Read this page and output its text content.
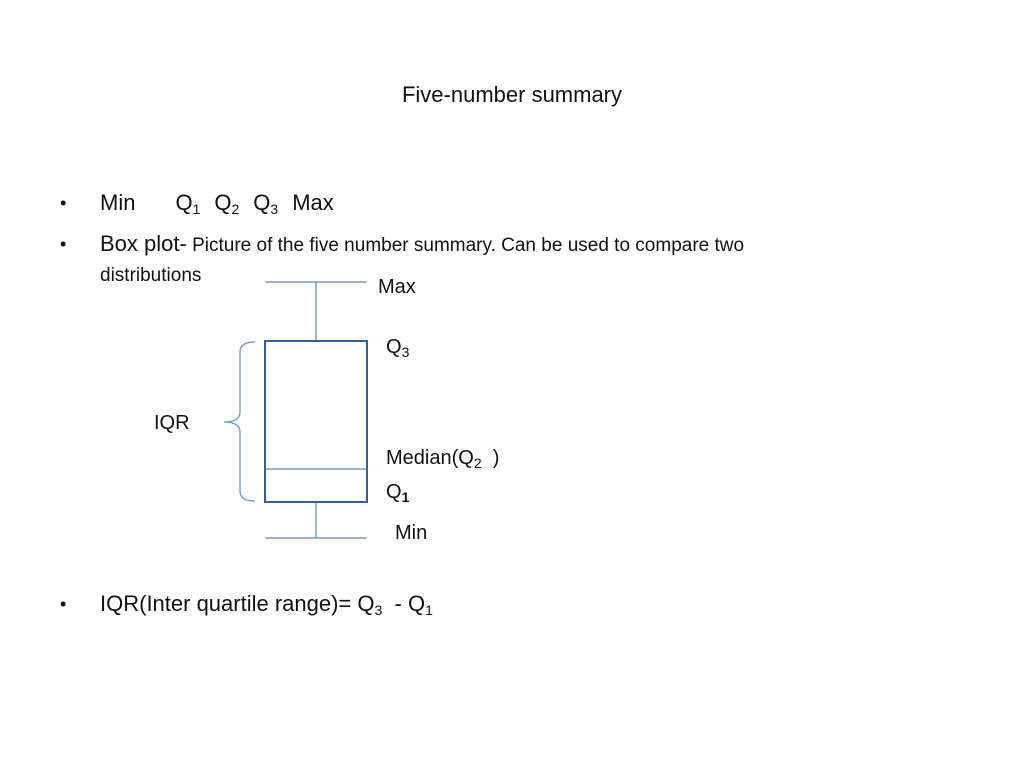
Five-number summary
• Min $Q_1$ $Q_2$ $Q_3$ Max
• Box plot- Picture of the five number summary. Can be used to compare two
distributions
Max
$Q_3$
IQR
$Median(Q_2$  )
$Q_1$
Min
• IQR(Inter quartile range)= $Q_3 - Q_1$
